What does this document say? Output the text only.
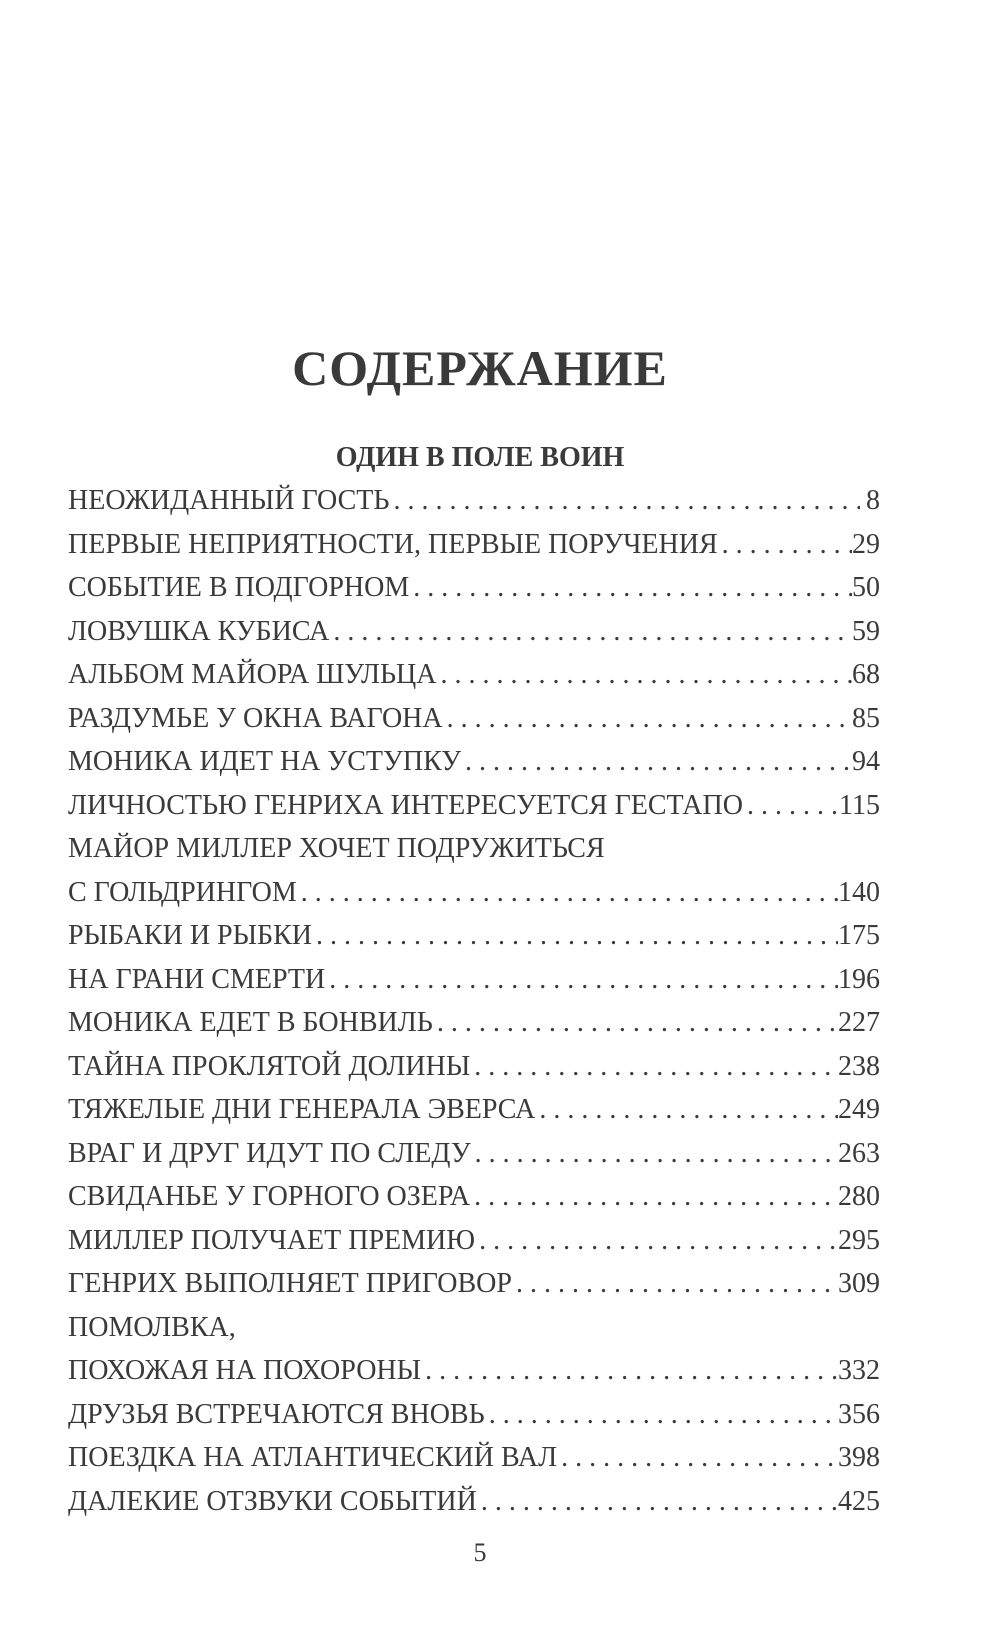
СОДЕРЖАНИЕ
ОДИН В ПОЛЕ ВОИН
НЕОЖИДАННЫЙ ГОСТЬ . . .	8
ПЕРВЫЕ НЕПРИЯТНОСТИ, ПЕРВЫЕ ПОРУЧЕНИЯ . . .	29
СОБЫТИЕ В ПОДГОРНОМ . . .	50
ЛОВУШКА КУБИСА . . .	59
АЛЬБОМ МАЙОРА ШУЛЬЦА . . .	68
РАЗДУМЬЕ У ОКНА ВАГОНА . . .	85
МОНИКА ИДЕТ НА УСТУПКУ . . .	94
ЛИЧНОСТЬЮ ГЕНРИХА ИНТЕРЕСУЕТСЯ ГЕСТАПО . . .	115
МАЙОР МИЛЛЕР ХОЧЕТ ПОДРУЖИТЬСЯ
С ГОЛЬДРИНГОМ . . .	140
РЫБАКИ И РЫБКИ . . .	175
НА ГРАНИ СМЕРТИ . . .	196
МОНИКА ЕДЕТ В БОНВИЛЬ . . .	227
ТАЙНА ПРОКЛЯТОЙ ДОЛИНЫ . . .	238
ТЯЖЕЛЫЕ ДНИ ГЕНЕРАЛА ЭВЕРСА . . .	249
ВРАГ И ДРУГ ИДУТ ПО СЛЕДУ . . .	263
СВИДАНЬЕ У ГОРНОГО ОЗЕРА . . .	280
МИЛЛЕР ПОЛУЧАЕТ ПРЕМИЮ . . .	295
ГЕНРИХ ВЫПОЛНЯЕТ ПРИГОВОР . . .	309
ПОМОЛВКА,
ПОХОЖАЯ НА ПОХОРОНЫ . . .	332
ДРУЗЬЯ ВСТРЕЧАЮТСЯ ВНОВЬ . . .	356
ПОЕЗДКА НА АТЛАНТИЧЕСКИЙ ВАЛ . . .	398
ДАЛЕКИЕ ОТЗВУКИ СОБЫТИЙ . . .	425
5
